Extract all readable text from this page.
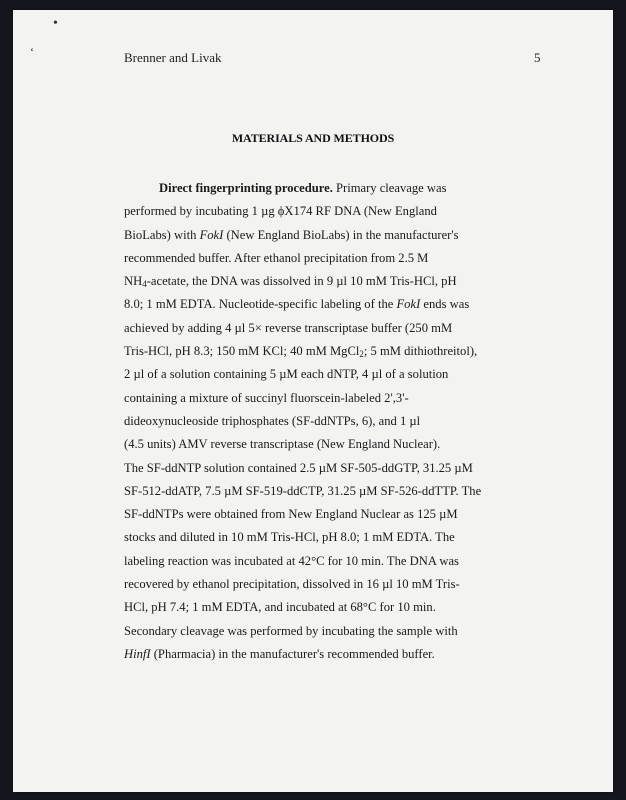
•
ʻ	Brenner and Livak	5
MATERIALS AND METHODS
Direct fingerprinting procedure. Primary cleavage was
performed by incubating 1 µg ϕX174 RF DNA (New England
BioLabs) with FokI (New England BioLabs) in the manufacturer's
recommended buffer. After ethanol precipitation from 2.5 M
$NH_4$-acetate, the DNA was dissolved in 9 µl 10 mM Tris-HCl, pH
8.0; 1 mM EDTA. Nucleotide-specific labeling of the FokI ends was
achieved by adding 4 µl 5× reverse transcriptase buffer (250 mM
Tris-HCl, pH 8.3; 150 mM KCl; 40 mM MgCl$_2$; 5 mM dithiothreitol),
2 µl of a solution containing 5 µM each dNTP, 4 µl of a solution
containing a mixture of succinyl fluorscein-labeled 2',3'-
dideoxynucleoside triphosphates (SF-ddNTPs, 6), and 1 µl
(4.5 units) AMV reverse transcriptase (New England Nuclear).
The SF-ddNTP solution contained 2.5 µM SF-505-ddGTP, 31.25 µM
SF-512-ddATP, 7.5 µM SF-519-ddCTP, 31.25 µM SF-526-ddTTP. The
SF-ddNTPs were obtained from New England Nuclear as 125 µM
stocks and diluted in 10 mM Tris-HCl, pH 8.0; 1 mM EDTA. The
labeling reaction was incubated at 42°C for 10 min. The DNA was
recovered by ethanol precipitation, dissolved in 16 µl 10 mM Tris-
HCl, pH 7.4; 1 mM EDTA, and incubated at 68°C for 10 min.
Secondary cleavage was performed by incubating the sample with
HinfI (Pharmacia) in the manufacturer's recommended buffer.
